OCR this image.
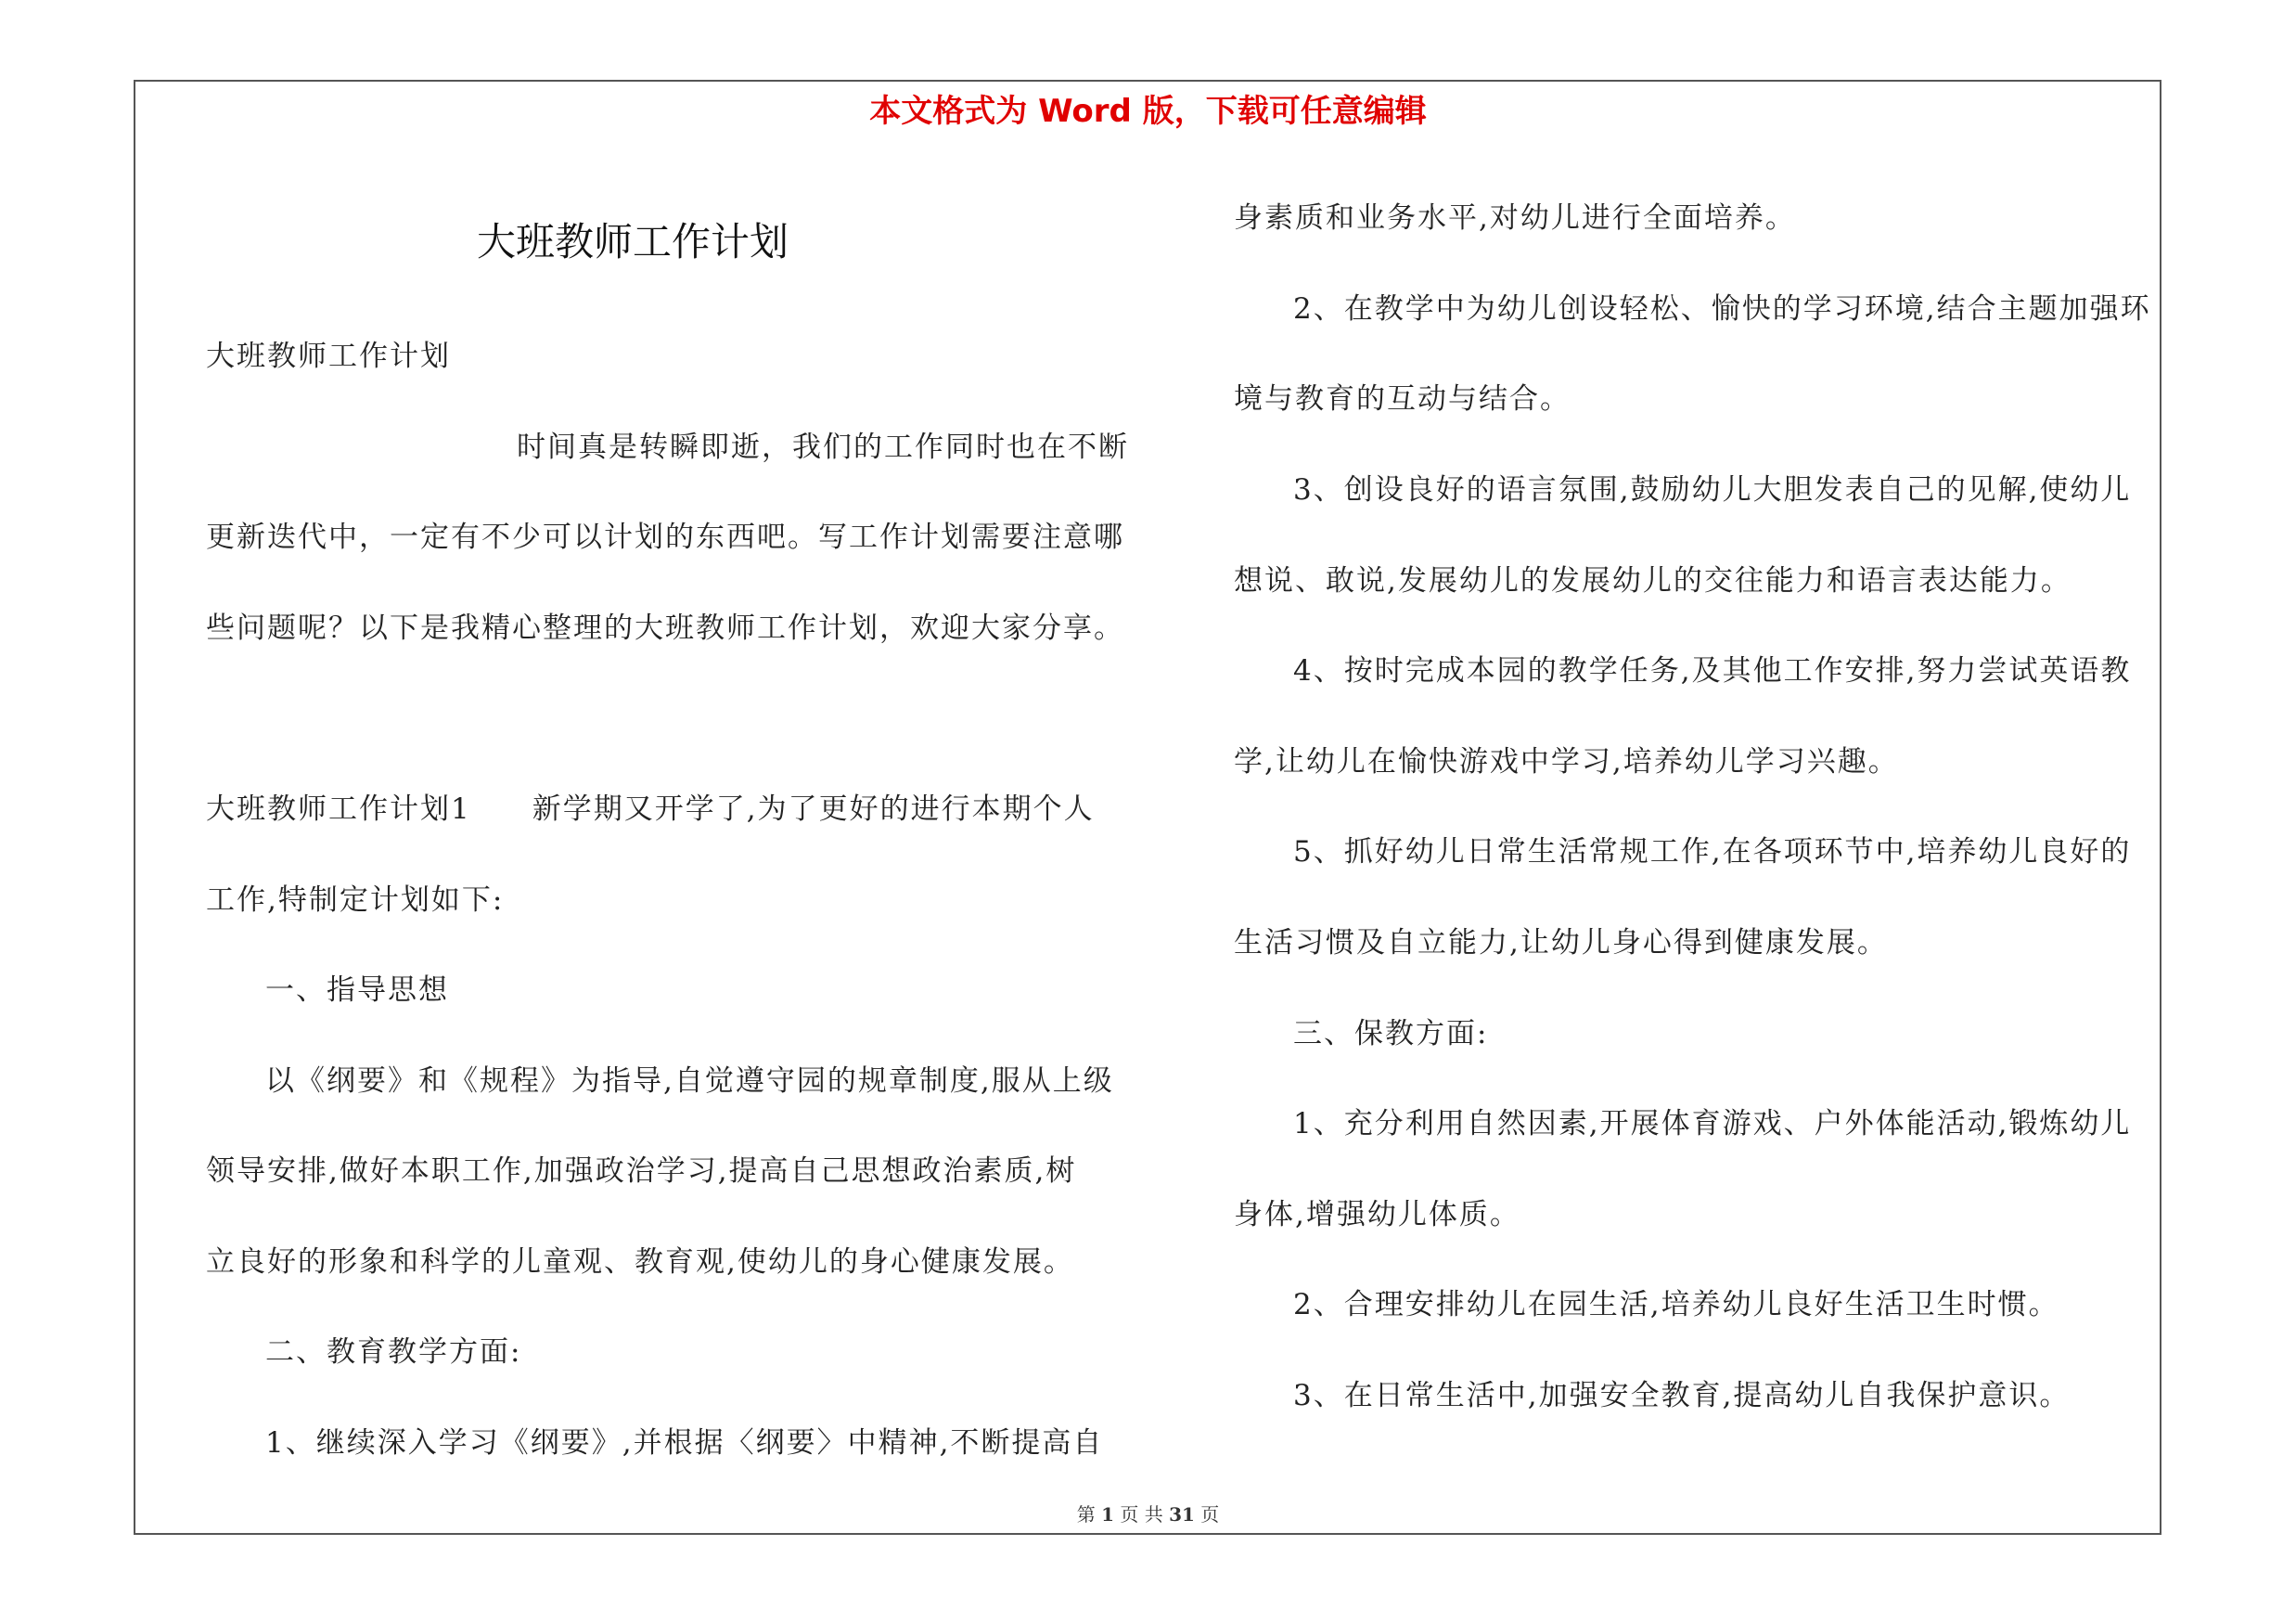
本文格式为 Word 版，下载可任意编辑
大班教师工作计划
大班教师工作计划
时间真是转瞬即逝，我们的工作同时也在不断
更新迭代中，一定有不少可以计划的东西吧。写工作计划需要注意哪
些问题呢？以下是我精心整理的大班教师工作计划，欢迎大家分享。
大班教师工作计划1　　新学期又开学了,为了更好的进行本期个人
工作,特制定计划如下:
一、指导思想
以《纲要》和《规程》为指导,自觉遵守园的规章制度,服从上级
领导安排,做好本职工作,加强政治学习,提高自己思想政治素质,树
立良好的形象和科学的儿童观、教育观,使幼儿的身心健康发展。
二、教育教学方面:
1、继续深入学习《纲要》,并根据〈纲要〉中精神,不断提高自
身素质和业务水平,对幼儿进行全面培养。
2、在教学中为幼儿创设轻松、愉快的学习环境,结合主题加强环
境与教育的互动与结合。
3、创设良好的语言氛围,鼓励幼儿大胆发表自己的见解,使幼儿
想说、敢说,发展幼儿的发展幼儿的交往能力和语言表达能力。
4、按时完成本园的教学任务,及其他工作安排,努力尝试英语教
学,让幼儿在愉快游戏中学习,培养幼儿学习兴趣。
5、抓好幼儿日常生活常规工作,在各项环节中,培养幼儿良好的
生活习惯及自立能力,让幼儿身心得到健康发展。
三、保教方面:
1、充分利用自然因素,开展体育游戏、户外体能活动,锻炼幼儿
身体,增强幼儿体质。
2、合理安排幼儿在园生活,培养幼儿良好生活卫生时惯。
3、在日常生活中,加强安全教育,提高幼儿自我保护意识。
第 1 页 共 31 页
